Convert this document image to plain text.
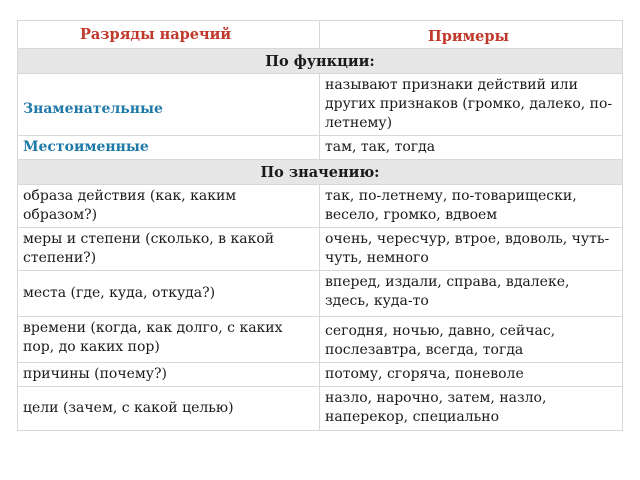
Разряды наречий	Примеры
По функции:	
Знаменательные	называют признаки действий или других признаков (громко, далеко, по-летнему)
Местоименные	там, так, тогда
По значению:	
образа действия (как, каким образом?)	так, по-летнему, по-товарищески, весело, громко, вдвоем
меры и степени (сколько, в какой степени?)	очень, чересчур, втрое, вдоволь, чуть-чуть, немного
места (где, куда, откуда?)	вперед, издали, справа, вдалеке, здесь, куда-то
времени (когда, как долго, с каких пор, до каких пор)	сегодня, ночью, давно, сейчас, послезавтра, всегда, тогда
причины (почему?)	потому, сгоряча, поневоле
цели (зачем, с какой целью)	назло, нарочно, затем, назло, наперекор, специально
